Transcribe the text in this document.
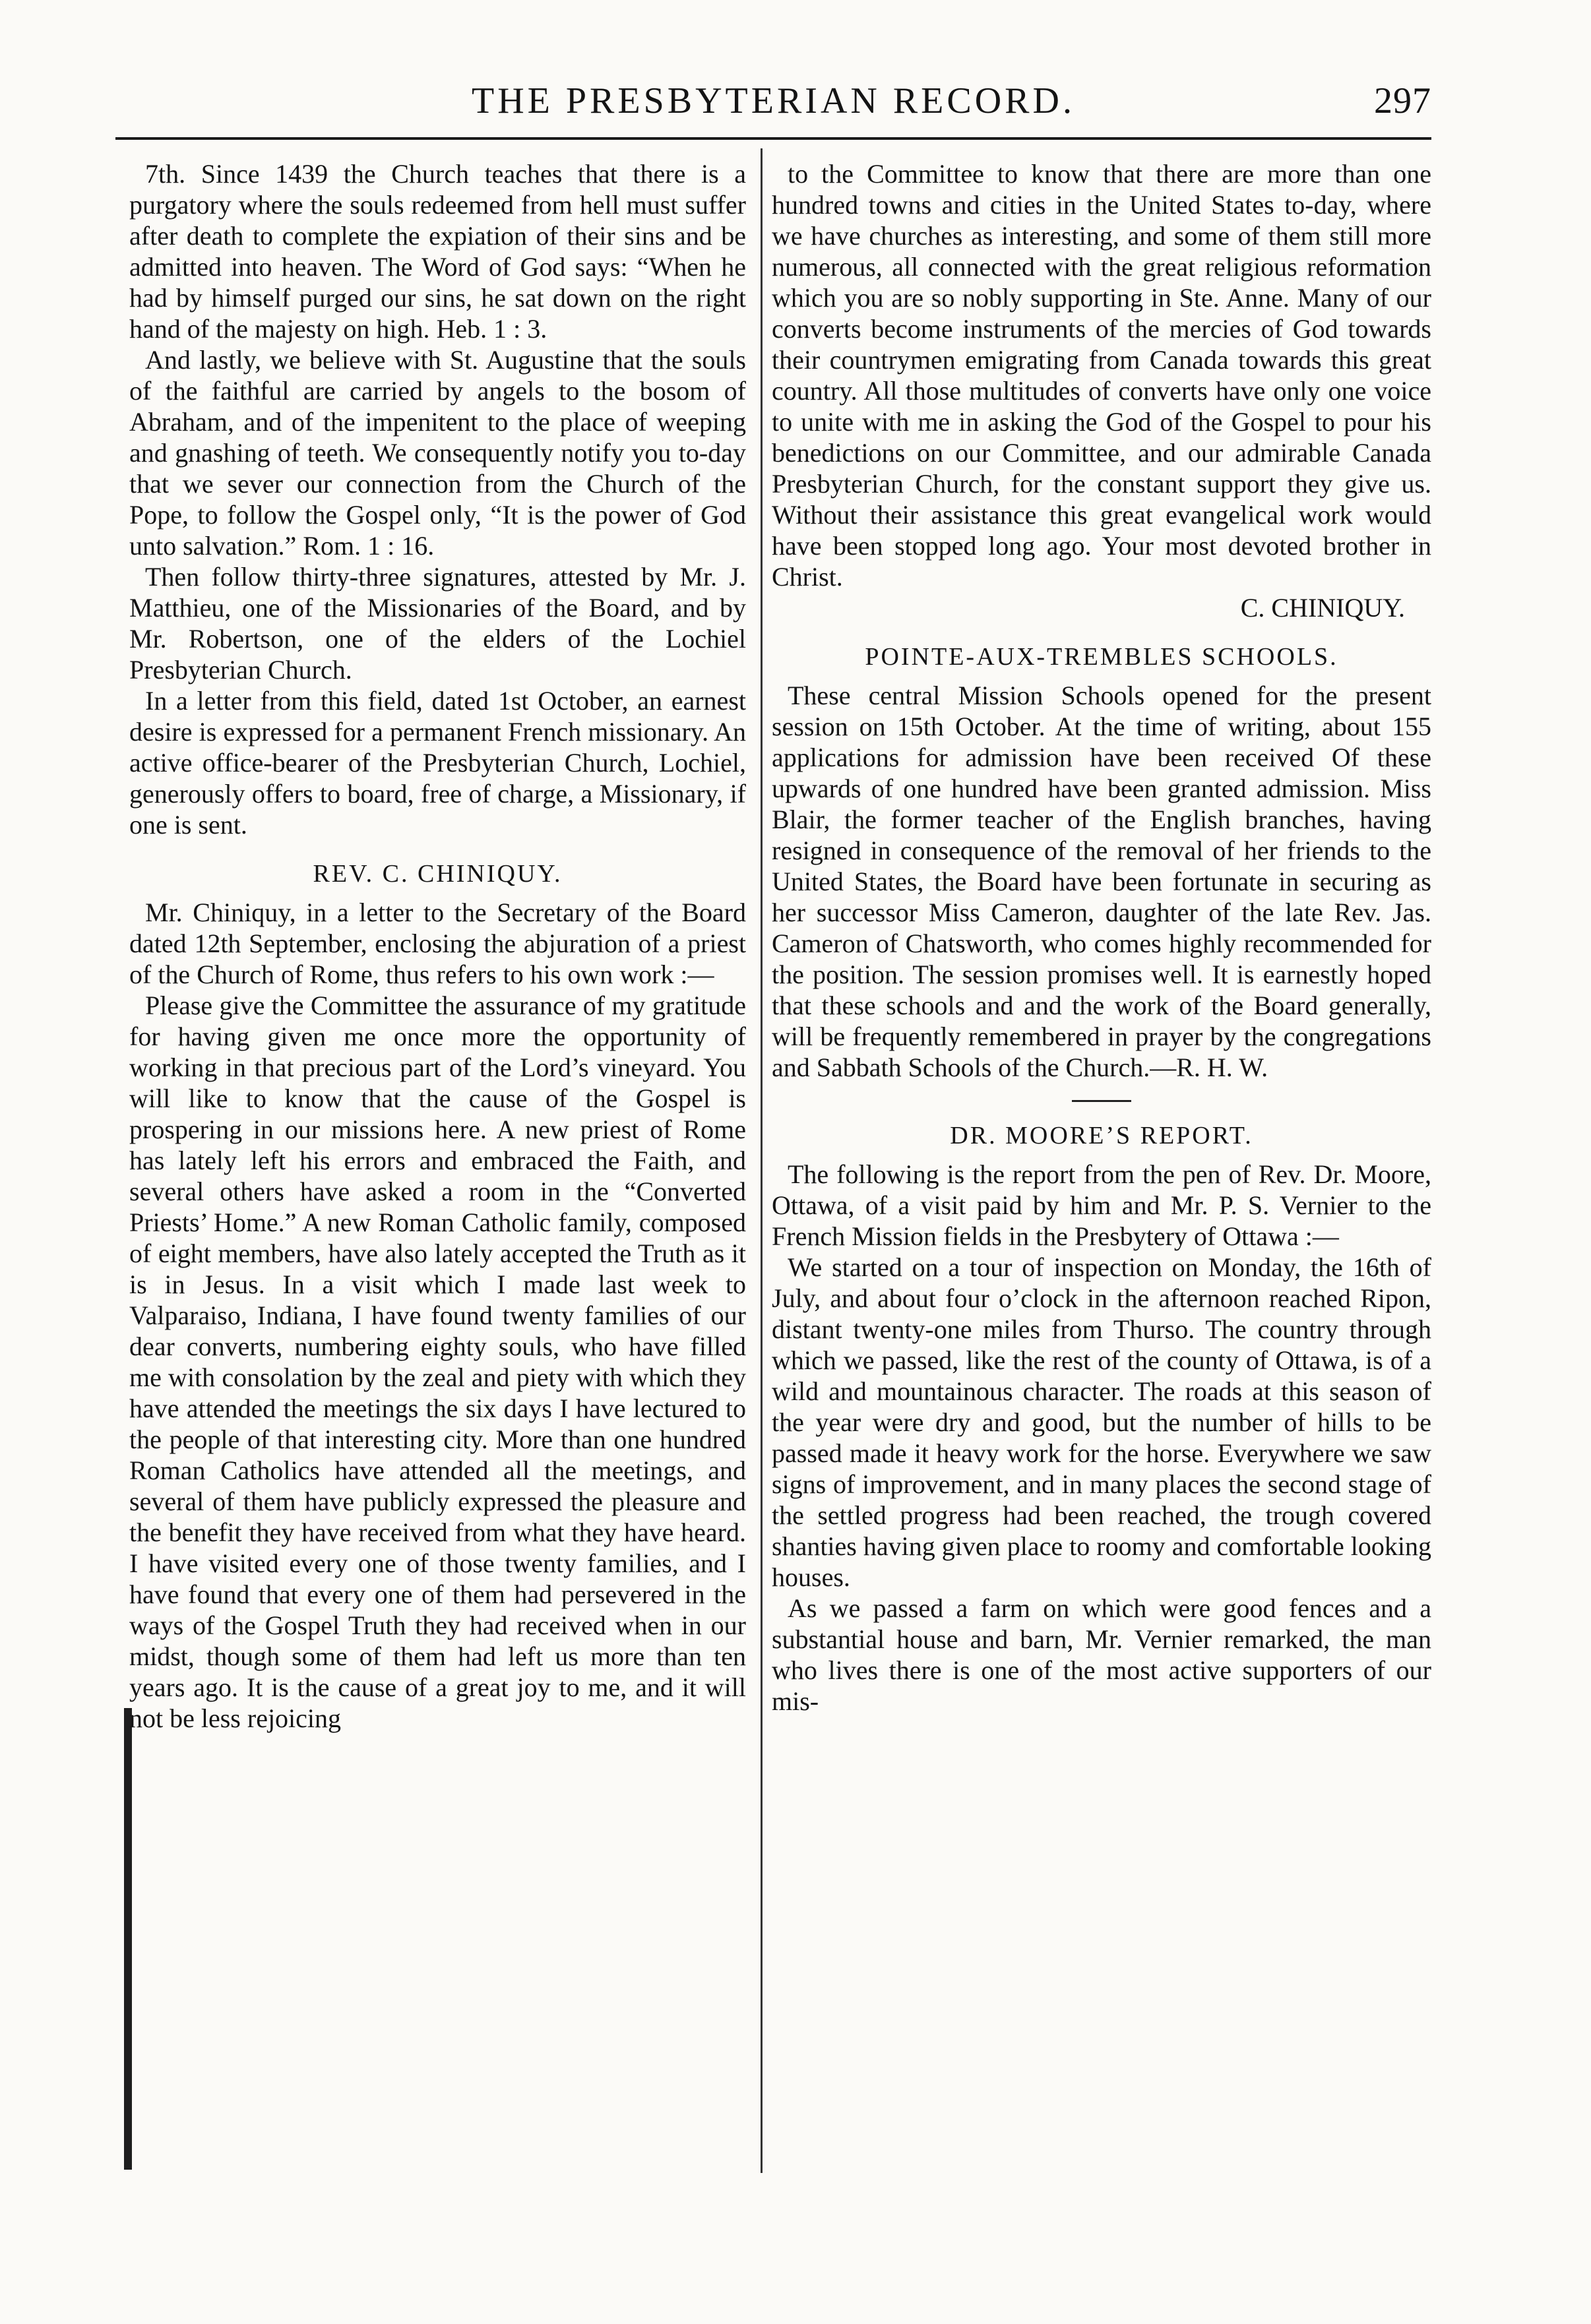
THE PRESBYTERIAN RECORD.	297

7th. Since 1439 the Church teaches that there is a purgatory where the souls redeemed from hell must suffer after death to complete the expiation of their sins and be admitted into heaven. The Word of God says: “When he had by himself purged our sins, he sat down on the right hand of the majesty on high. Heb. 1 : 3.

And lastly, we believe with St. Augustine that the souls of the faithful are carried by angels to the bosom of Abraham, and of the impenitent to the place of weeping and gnashing of teeth. We consequently notify you to-day that we sever our connection from the Church of the Pope, to follow the Gospel only, “It is the power of God unto salvation.” Rom. 1 : 16.

Then follow thirty-three signatures, attested by Mr. J. Matthieu, one of the Missionaries of the Board, and by Mr. Robertson, one of the elders of the Lochiel Presbyterian Church.

In a letter from this field, dated 1st October, an earnest desire is expressed for a permanent French missionary. An active office-bearer of the Presbyterian Church, Lochiel, generously offers to board, free of charge, a Missionary, if one is sent.

REV. C. CHINIQUY.

Mr. Chiniquy, in a letter to the Secretary of the Board dated 12th September, enclosing the abjuration of a priest of the Church of Rome, thus refers to his own work :—

Please give the Committee the assurance of my gratitude for having given me once more the opportunity of working in that precious part of the Lord’s vineyard. You will like to know that the cause of the Gospel is prospering in our missions here. A new priest of Rome has lately left his errors and embraced the Faith, and several others have asked a room in the “Converted Priests’ Home.” A new Roman Catholic family, composed of eight members, have also lately accepted the Truth as it is in Jesus. In a visit which I made last week to Valparaiso, Indiana, I have found twenty families of our dear converts, numbering eighty souls, who have filled me with consolation by the zeal and piety with which they have attended the meetings the six days I have lectured to the people of that interesting city. More than one hundred Roman Catholics have attended all the meetings, and several of them have publicly expressed the pleasure and the benefit they have received from what they have heard. I have visited every one of those twenty families, and I have found that every one of them had persevered in the ways of the Gospel Truth they had received when in our midst, though some of them had left us more than ten years ago. It is the cause of a great joy to me, and it will not be less rejoicing

to the Committee to know that there are more than one hundred towns and cities in the United States to-day, where we have churches as interesting, and some of them still more numerous, all connected with the great religious reformation which you are so nobly supporting in Ste. Anne. Many of our converts become instruments of the mercies of God towards their countrymen emigrating from Canada towards this great country. All those multitudes of converts have only one voice to unite with me in asking the God of the Gospel to pour his benedictions on our Committee, and our admirable Canada Presbyterian Church, for the constant support they give us. Without their assistance this great evangelical work would have been stopped long ago. Your most devoted brother in Christ.

C. CHINIQUY.

POINTE-AUX-TREMBLES SCHOOLS.

These central Mission Schools opened for the present session on 15th October. At the time of writing, about 155 applications for admission have been received Of these upwards of one hundred have been granted admission. Miss Blair, the former teacher of the English branches, having resigned in consequence of the removal of her friends to the United States, the Board have been fortunate in securing as her successor Miss Cameron, daughter of the late Rev. Jas. Cameron of Chatsworth, who comes highly recommended for the position. The session promises well. It is earnestly hoped that these schools and and the work of the Board generally, will be frequently remembered in prayer by the congregations and Sabbath Schools of the Church.—R. H. W.

DR. MOORE’S REPORT.

The following is the report from the pen of Rev. Dr. Moore, Ottawa, of a visit paid by him and Mr. P. S. Vernier to the French Mission fields in the Presbytery of Ottawa :—

We started on a tour of inspection on Monday, the 16th of July, and about four o’clock in the afternoon reached Ripon, distant twenty-one miles from Thurso. The country through which we passed, like the rest of the county of Ottawa, is of a wild and mountainous character. The roads at this season of the year were dry and good, but the number of hills to be passed made it heavy work for the horse. Everywhere we saw signs of improvement, and in many places the second stage of the settled progress had been reached, the trough covered shanties having given place to roomy and comfortable looking houses.

As we passed a farm on which were good fences and a substantial house and barn, Mr. Vernier remarked, the man who lives there is one of the most active supporters of our mis-
